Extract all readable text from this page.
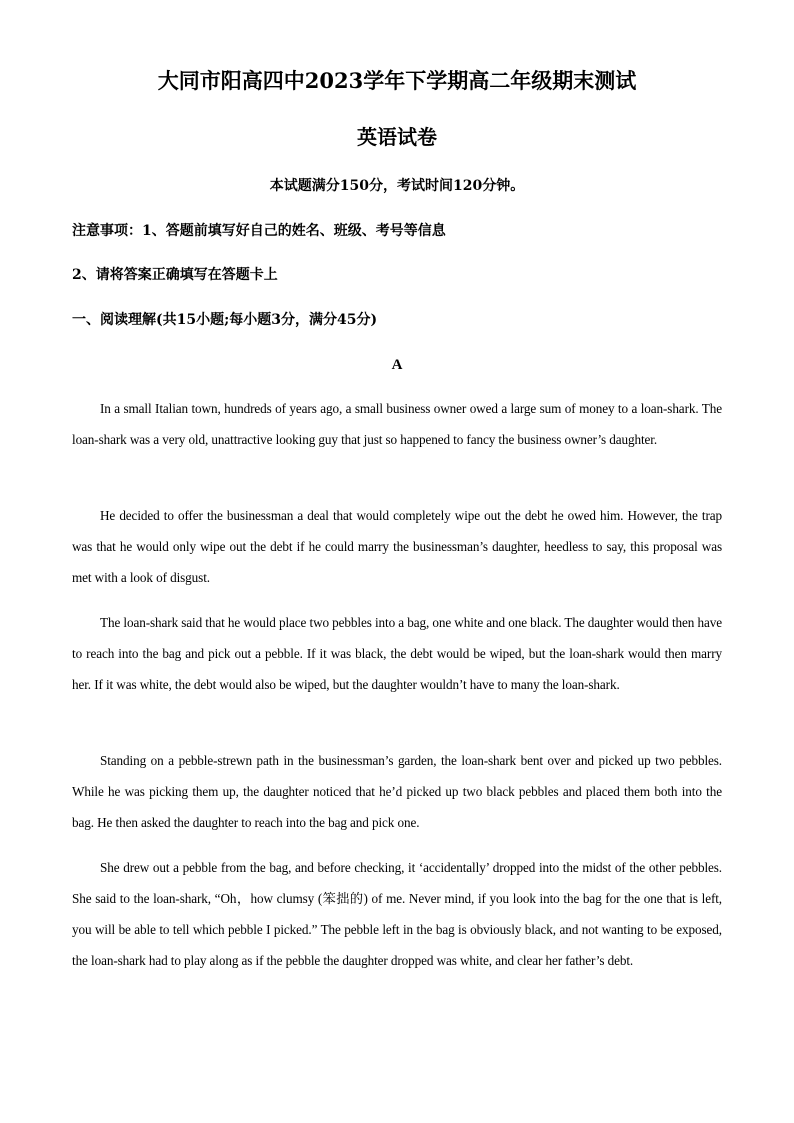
大同市阳高四中2023学年下学期高二年级期末测试
英语试卷

本试题满分150分，考试时间120分钟。

注意事项：1、答题前填写好自己的姓名、班级、考号等信息

2、请将答案正确填写在答题卡上

一、阅读理解(共15小题;每小题3分，满分45分)

A

In a small Italian town, hundreds of years ago, a small business owner owed a large sum of money to a loan-shark. The loan-shark was a very old, unattractive looking guy that just so happened to fancy the business owner’s daughter.

He decided to offer the businessman a deal that would completely wipe out the debt he owed him. However, the trap was that he would only wipe out the debt if he could marry the businessman’s daughter, heedless to say, this proposal was met with a look of disgust.

The loan-shark said that he would place two pebbles into a bag, one white and one black. The daughter would then have to reach into the bag and pick out a pebble. If it was black, the debt would be wiped, but the loan-shark would then marry her. If it was white, the debt would also be wiped, but the daughter wouldn’t have to many the loan-shark.

Standing on a pebble-strewn path in the businessman’s garden, the loan-shark bent over and picked up two pebbles. While he was picking them up, the daughter noticed that he’d picked up two black pebbles and placed them both into the bag. He then asked the daughter to reach into the bag and pick one.

She drew out a pebble from the bag, and before checking, it ‘accidentally’ dropped into the midst of the other pebbles. She said to the loan-shark, “Oh，how clumsy (笨拙的) of me. Never mind, if you look into the bag for the one that is left, you will be able to tell which pebble I picked.” The pebble left in the bag is obviously black, and not wanting to be exposed, the loan-shark had to play along as if the pebble the daughter dropped was white, and clear her father’s debt.
